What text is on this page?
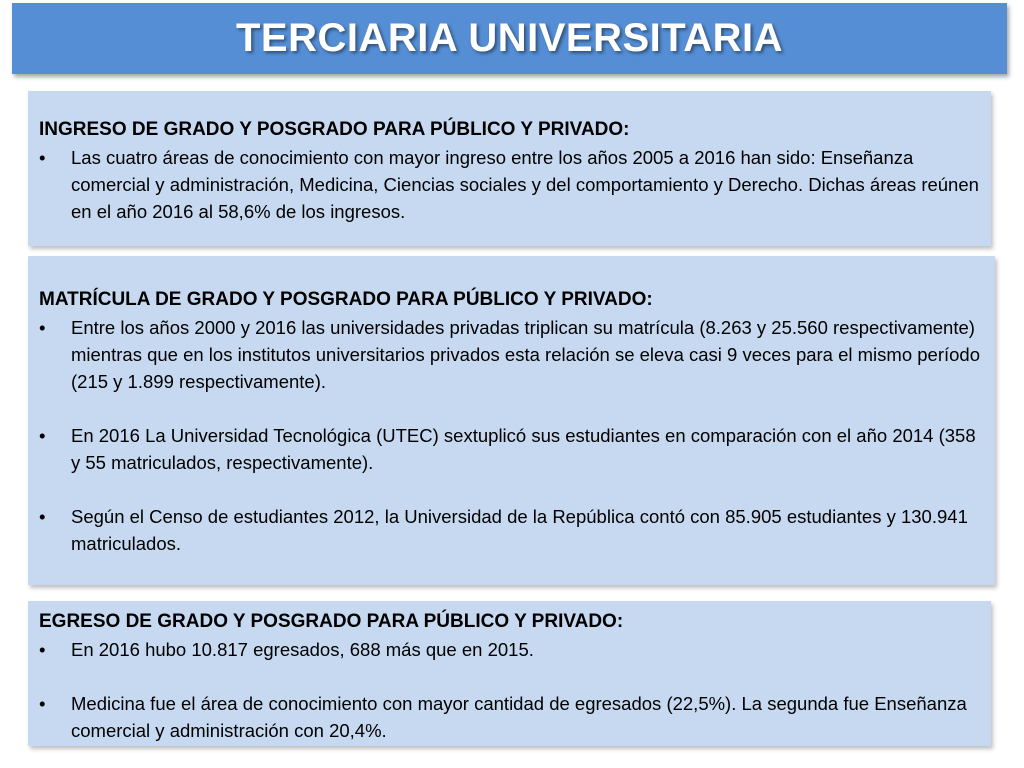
TERCIARIA UNIVERSITARIA
INGRESO DE GRADO Y POSGRADO PARA PÚBLICO Y PRIVADO:
• Las cuatro áreas de conocimiento con mayor ingreso entre los años 2005 a 2016 han sido: Enseñanza comercial y administración, Medicina, Ciencias sociales y del comportamiento y Derecho. Dichas áreas reúnen en el año 2016 al 58,6% de los ingresos.
MATRÍCULA DE GRADO Y POSGRADO PARA PÚBLICO Y PRIVADO:
• Entre los años 2000 y 2016 las universidades privadas triplican su matrícula (8.263 y 25.560 respectivamente) mientras que en los institutos universitarios privados esta relación se eleva casi 9 veces para el mismo período (215 y 1.899 respectivamente).
• En 2016 La Universidad Tecnológica (UTEC) sextuplicó sus estudiantes en comparación con el año 2014 (358 y 55 matriculados, respectivamente).
• Según el Censo de estudiantes 2012, la Universidad de la República contó con 85.905 estudiantes y 130.941 matriculados.
EGRESO DE GRADO Y POSGRADO PARA PÚBLICO Y PRIVADO:
• En 2016 hubo 10.817 egresados, 688 más que en 2015.
• Medicina fue el área de conocimiento con mayor cantidad de egresados (22,5%). La segunda fue Enseñanza comercial y administración con 20,4%.
